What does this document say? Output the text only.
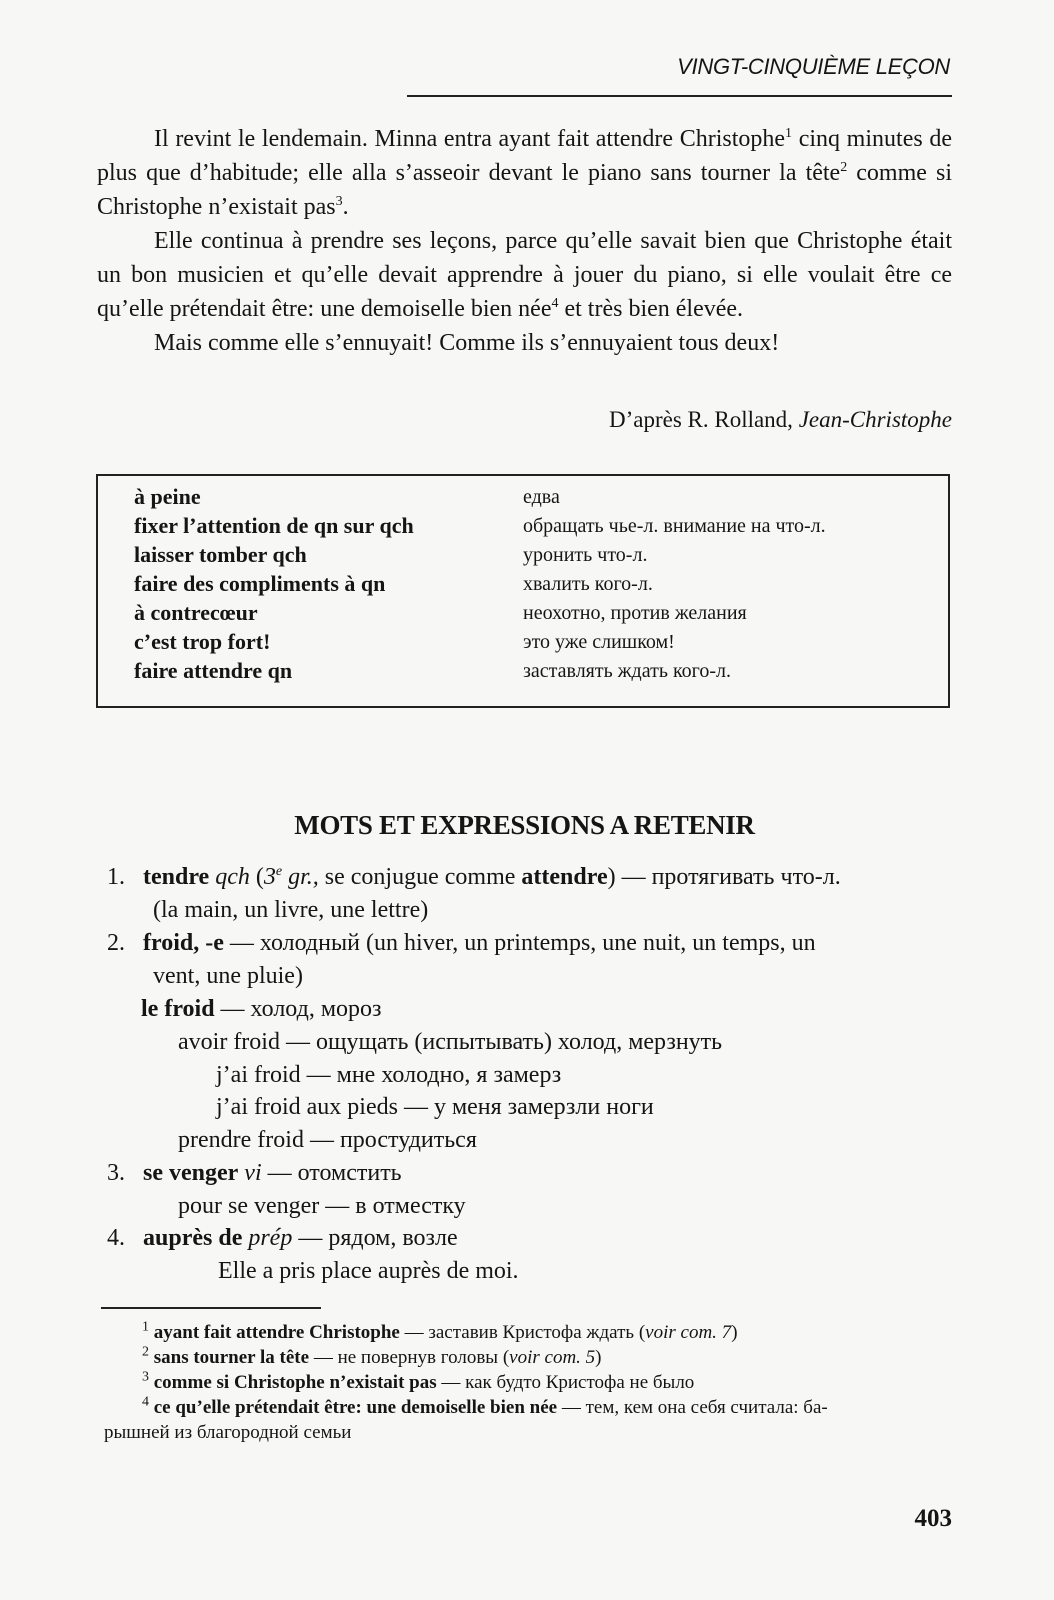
VINGT-CINQUIÈME LEÇON

Il revint le lendemain. Minna entra ayant fait attendre Christophe$^1$ cinq minutes de plus que d’habitude; elle alla s’asseoir devant le piano sans tourner la tête$^2$ comme si Christophe n’existait pas$^3$.

Elle continua à prendre ses leçons, parce qu’elle savait bien que Christophe était un bon musicien et qu’elle devait apprendre à jouer du piano, si elle voulait être ce qu’elle prétendait être: une demoiselle bien née$^4$ et très bien élevée.

Mais comme elle s’ennuyait! Comme ils s’ennuyaient tous deux!

D’après R. Rolland, Jean-Christophe
à peine	едва
fixer l’attention de qn sur qch	обращать чье-л. внимание на что-л.
laisser tomber qch	уронить что-л.
faire des compliments à qn	хвалить кого-л.
à contrecœur	неохотно, против желания
c’est trop fort!	это уже слишком!
faire attendre qn	заставлять ждать кого-л.
MOTS ET EXPRESSIONS A RETENIR
1. tendre qch (3e gr., se conjugue comme attendre) — протягивать что-л.
(la main, un livre, une lettre)
2. froid, -e — холодный (un hiver, un printemps, une nuit, un temps, un
vent, une pluie)
le froid — холод, мороз
avoir froid — ощущать (испытывать) холод, мерзнуть
j’ai froid — мне холодно, я замерз
j’ai froid aux pieds — у меня замерзли ноги
prendre froid — простудиться
3. se venger vi — отомстить
pour se venger — в отместку
4. auprès de prép — рядом, возле
Elle a pris place auprès de moi.
$^1$ ayant fait attendre Christophe — заставив Кристофа ждать (voir com. 7)
$^2$ sans tourner la tête — не повернув головы (voir com. 5)
$^3$ comme si Christophe n’existait pas — как будто Кристофа не было
$^4$ ce qu’elle prétendait être: une demoiselle bien née — тем, кем она себя считала: ба-
рышней из благородной семьи
403
